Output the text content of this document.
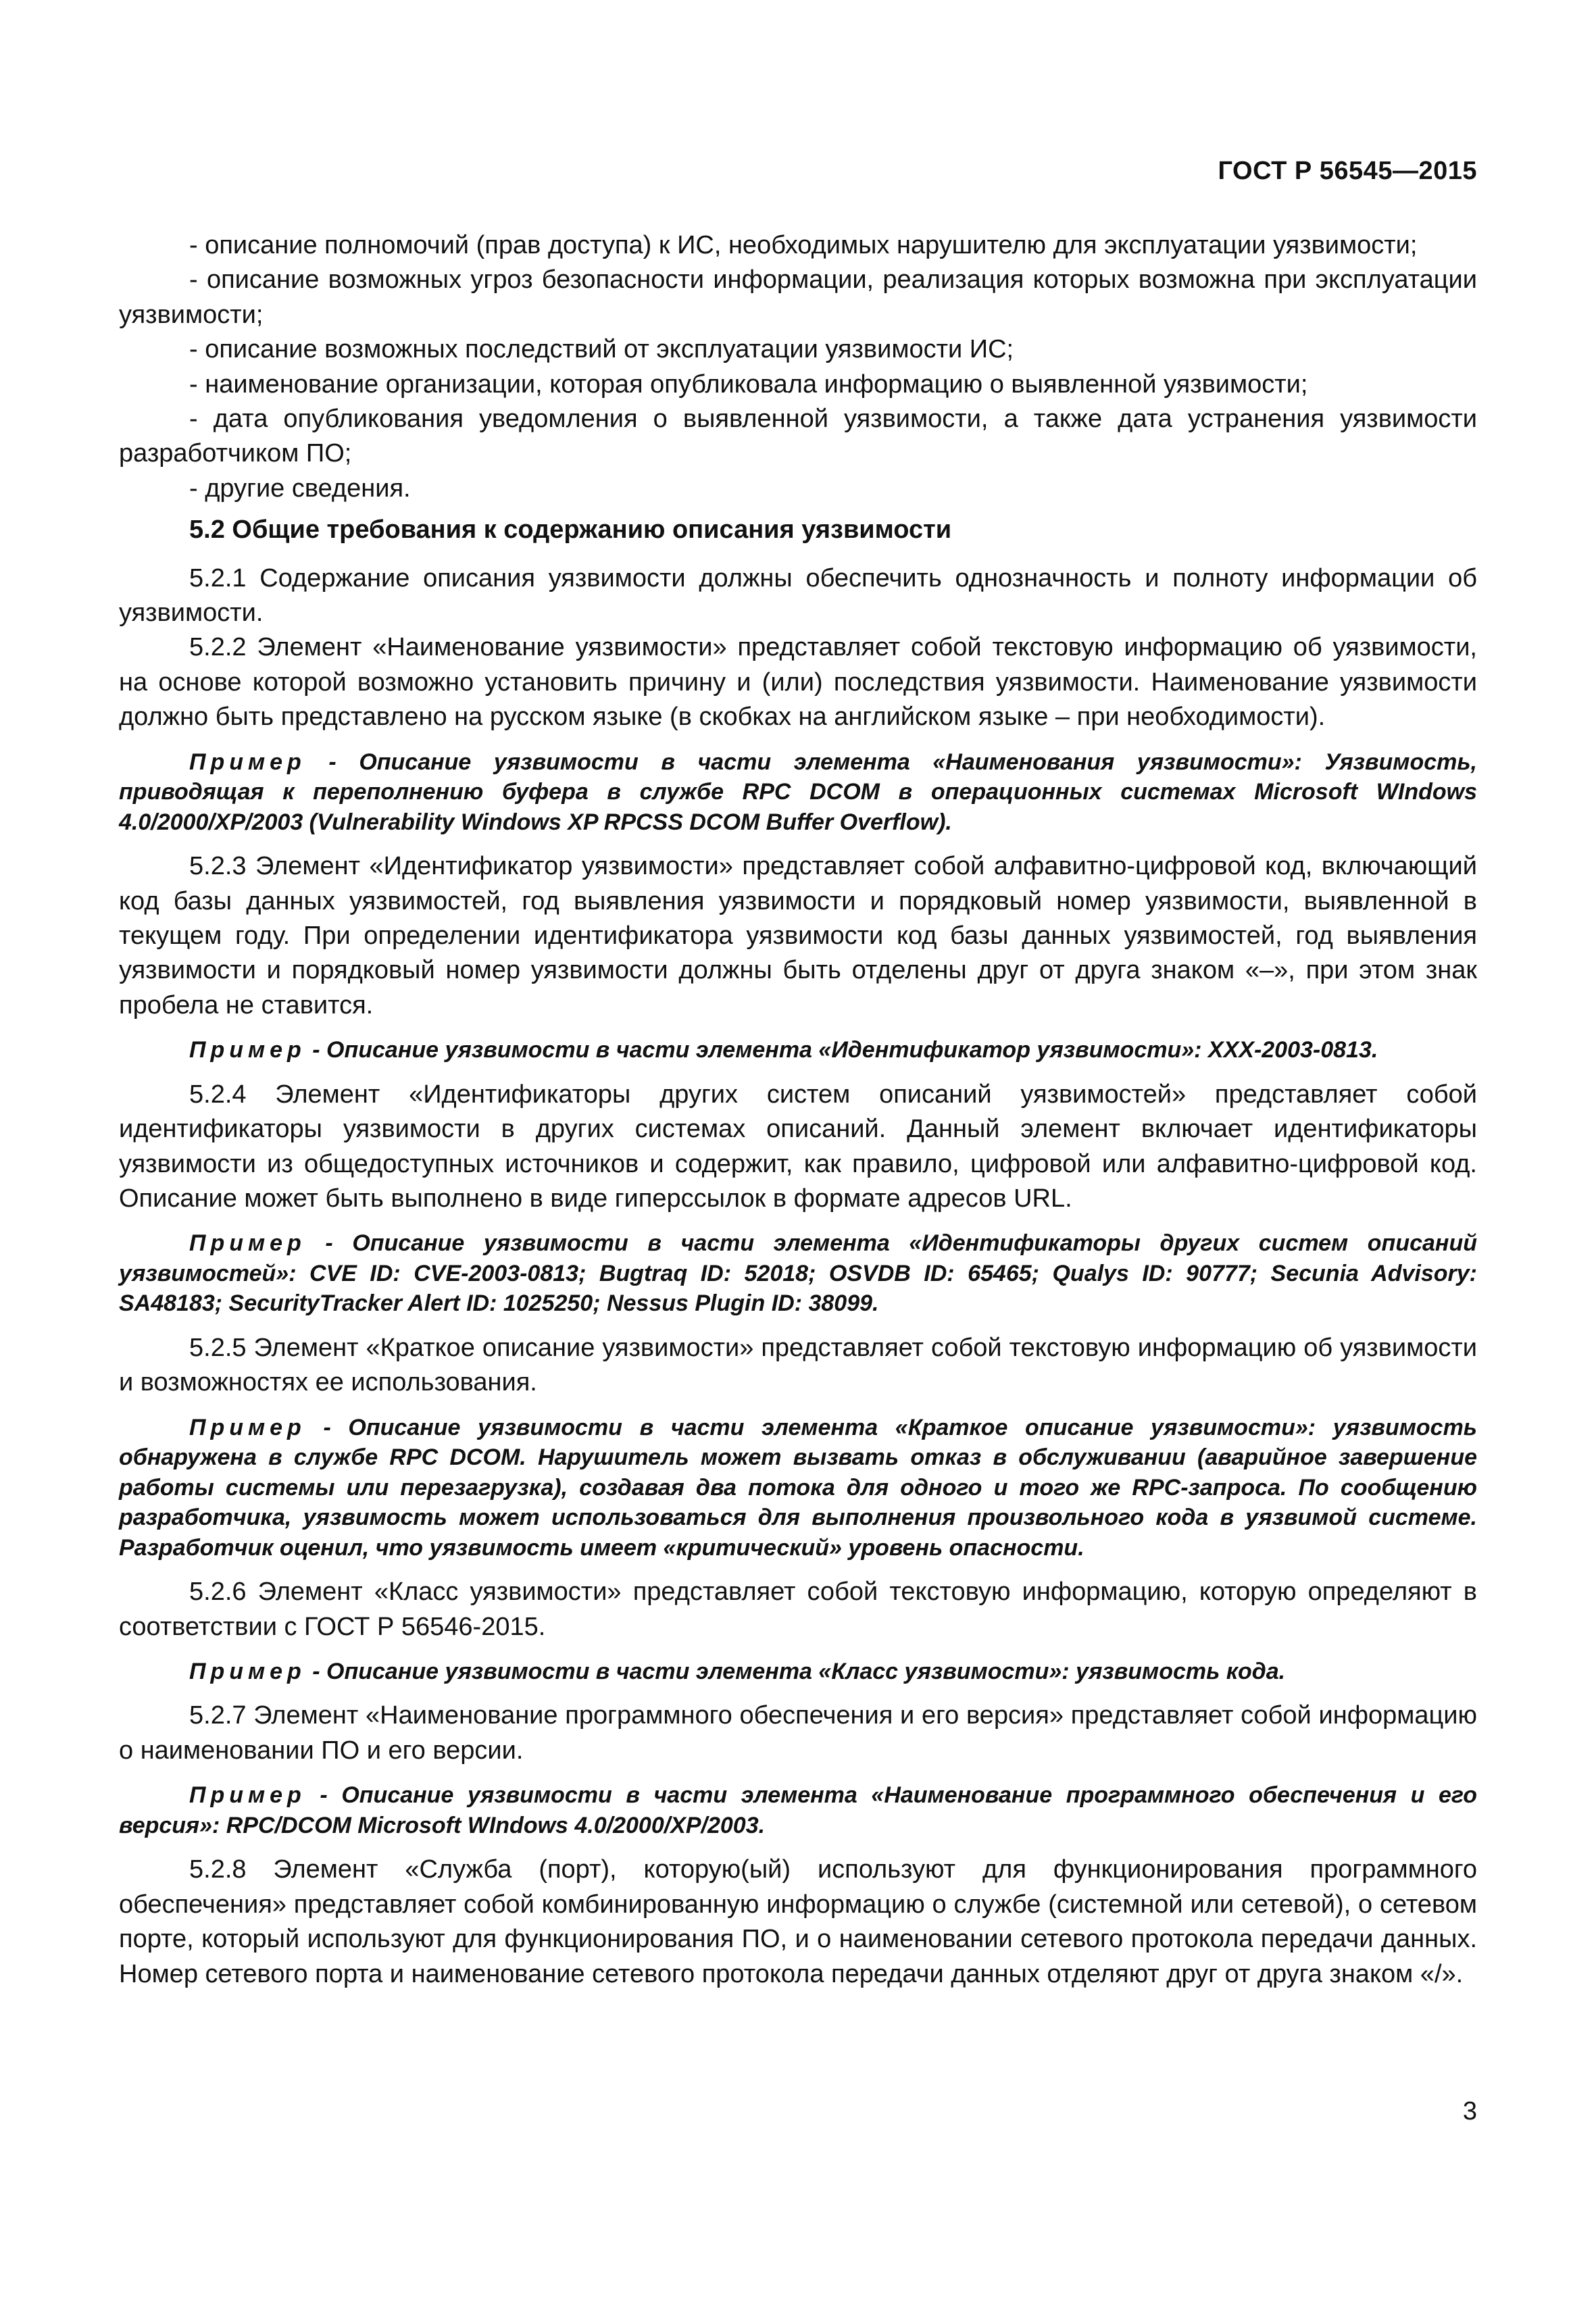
ГОСТ Р 56545—2015

- описание полномочий (прав доступа) к ИС, необходимых нарушителю для эксплуатации уязвимости;

- описание возможных угроз безопасности информации, реализация которых возможна при эксплуатации уязвимости;

- описание возможных последствий от эксплуатации уязвимости ИС;

- наименование организации, которая опубликовала информацию о выявленной уязвимости;

- дата опубликования уведомления о выявленной уязвимости, а также дата устранения уязвимости разработчиком ПО;

- другие сведения.

5.2 Общие требования к содержанию описания уязвимости

5.2.1 Содержание описания уязвимости должны обеспечить однозначность и полноту информации об уязвимости.

5.2.2 Элемент «Наименование уязвимости» представляет собой текстовую информацию об уязвимости, на основе которой возможно установить причину и (или) последствия уязвимости. Наименование уязвимости должно быть представлено на русском языке (в скобках на английском языке – при необходимости).

Пример - Описание уязвимости в части элемента «Наименования уязвимости»: Уязвимость, приводящая к переполнению буфера в службе RPC DCOM в операционных системах Microsoft WIndows 4.0/2000/XP/2003 (Vulnerability Windows XP RPCSS DCOM Buffer Overflow).

5.2.3 Элемент «Идентификатор уязвимости» представляет собой алфавитно-цифровой код, включающий код базы данных уязвимостей, год выявления уязвимости и порядковый номер уязвимости, выявленной в текущем году. При определении идентификатора уязвимости код базы данных уязвимостей, год выявления уязвимости и порядковый номер уязвимости должны быть отделены друг от друга знаком «–», при этом знак пробела не ставится.

Пример - Описание уязвимости в части элемента «Идентификатор уязвимости»: XXX-2003-0813.

5.2.4 Элемент «Идентификаторы других систем описаний уязвимостей» представляет собой идентификаторы уязвимости в других системах описаний. Данный элемент включает идентификаторы уязвимости из общедоступных источников и содержит, как правило, цифровой или алфавитно-цифровой код. Описание может быть выполнено в виде гиперссылок в формате адресов URL.

Пример - Описание уязвимости в части элемента «Идентификаторы других систем описаний уязвимостей»: CVE ID: CVE-2003-0813; Bugtraq ID: 52018; OSVDB ID: 65465; Qualys ID: 90777; Secunia Advisory: SA48183; SecurityTracker Alert ID: 1025250; Nessus Plugin ID: 38099.

5.2.5 Элемент «Краткое описание уязвимости» представляет собой текстовую информацию об уязвимости и возможностях ее использования.

Пример - Описание уязвимости в части элемента «Краткое описание уязвимости»: уязвимость обнаружена в службе RPC DCOM. Нарушитель может вызвать отказ в обслуживании (аварийное завершение работы системы или перезагрузка), создавая два потока для одного и того же RPC-запроса. По сообщению разработчика, уязвимость может использоваться для выполнения произвольного кода в уязвимой системе. Разработчик оценил, что уязвимость имеет «критический» уровень опасности.

5.2.6 Элемент «Класс уязвимости» представляет собой текстовую информацию, которую определяют в соответствии с ГОСТ Р 56546-2015.

Пример - Описание уязвимости в части элемента «Класс уязвимости»: уязвимость кода.

5.2.7 Элемент «Наименование программного обеспечения и его версия» представляет собой информацию о наименовании ПО и его версии.

Пример - Описание уязвимости в части элемента «Наименование программного обеспечения и его версия»: RPC/DCOM Microsoft WIndows 4.0/2000/XP/2003.

5.2.8 Элемент «Служба (порт), которую(ый) используют для функционирования программного обеспечения» представляет собой комбинированную информацию о службе (системной или сетевой), о сетевом порте, который используют для функционирования ПО, и о наименовании сетевого протокола передачи данных. Номер сетевого порта и наименование сетевого протокола передачи данных отделяют друг от друга знаком «/».

3
